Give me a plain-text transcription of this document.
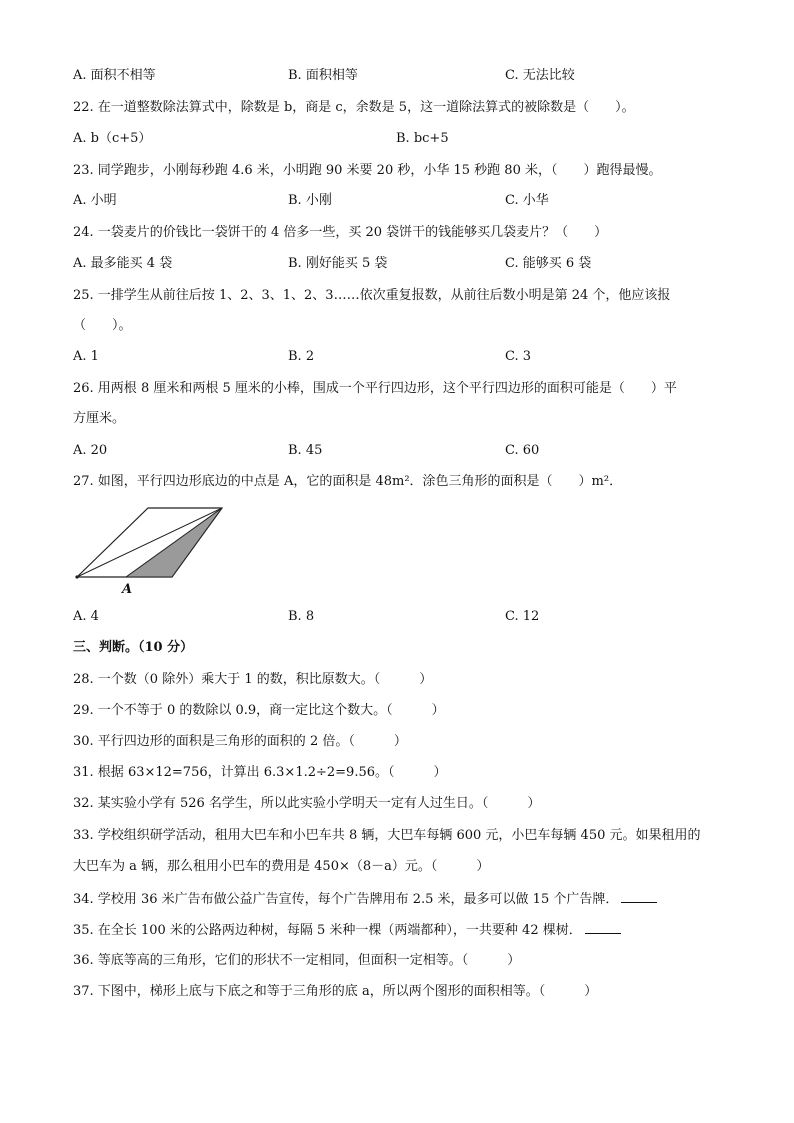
A. 面积不相等	B. 面积相等	C. 无法比较
22. 在一道整数除法算式中，除数是 b，商是 c，余数是 5，这一道除法算式的被除数是（　　）。
A. b（c+5）	B. bc+5
23. 同学跑步，小刚每秒跑 4.6 米，小明跑 90 米要 20 秒，小华 15 秒跑 80 米，（　　）跑得最慢。
A. 小明	B. 小刚	C. 小华
24. 一袋麦片的价钱比一袋饼干的 4 倍多一些，买 20 袋饼干的钱能够买几袋麦片？（　　）
A. 最多能买 4 袋	B. 刚好能买 5 袋	C. 能够买 6 袋
25. 一排学生从前往后按 1、2、3、1、2、3……依次重复报数，从前往后数小明是第 24 个，他应该报
（　　）。
A. 1	B. 2	C. 3
26. 用两根 8 厘米和两根 5 厘米的小棒，围成一个平行四边形，这个平行四边形的面积可能是（　　）平
方厘米。
A. 20	B. 45	C. 60
27. 如图，平行四边形底边的中点是 A，它的面积是 48m²．涂色三角形的面积是（　　）m²．
A
A. 4	B. 8	C. 12
三、判断。（10 分）
28. 一个数（0 除外）乘大于 1 的数，积比原数大。（　　　）
29. 一个不等于 0 的数除以 0.9，商一定比这个数大。（　　　）
30. 平行四边形的面积是三角形的面积的 2 倍。（　　　）
31. 根据 63×12=756，计算出 6.3×1.2÷2=9.56。（　　　）
32. 某实验小学有 526 名学生，所以此实验小学明天一定有人过生日。（　　　）
33. 学校组织研学活动，租用大巴车和小巴车共 8 辆，大巴车每辆 600 元，小巴车每辆 450 元。如果租用的
大巴车为 a 辆，那么租用小巴车的费用是 450×（8－a）元。（　　　）
34. 学校用 36 米广告布做公益广告宣传，每个广告牌用布 2.5 米，最多可以做 15 个广告牌．
35. 在全长 100 米的公路两边种树，每隔 5 米种一棵（两端都种），一共要种 42 棵树．
36. 等底等高的三角形，它们的形状不一定相同，但面积一定相等。（　　　）
37. 下图中，梯形上底与下底之和等于三角形的底 a，所以两个图形的面积相等。（　　　）
